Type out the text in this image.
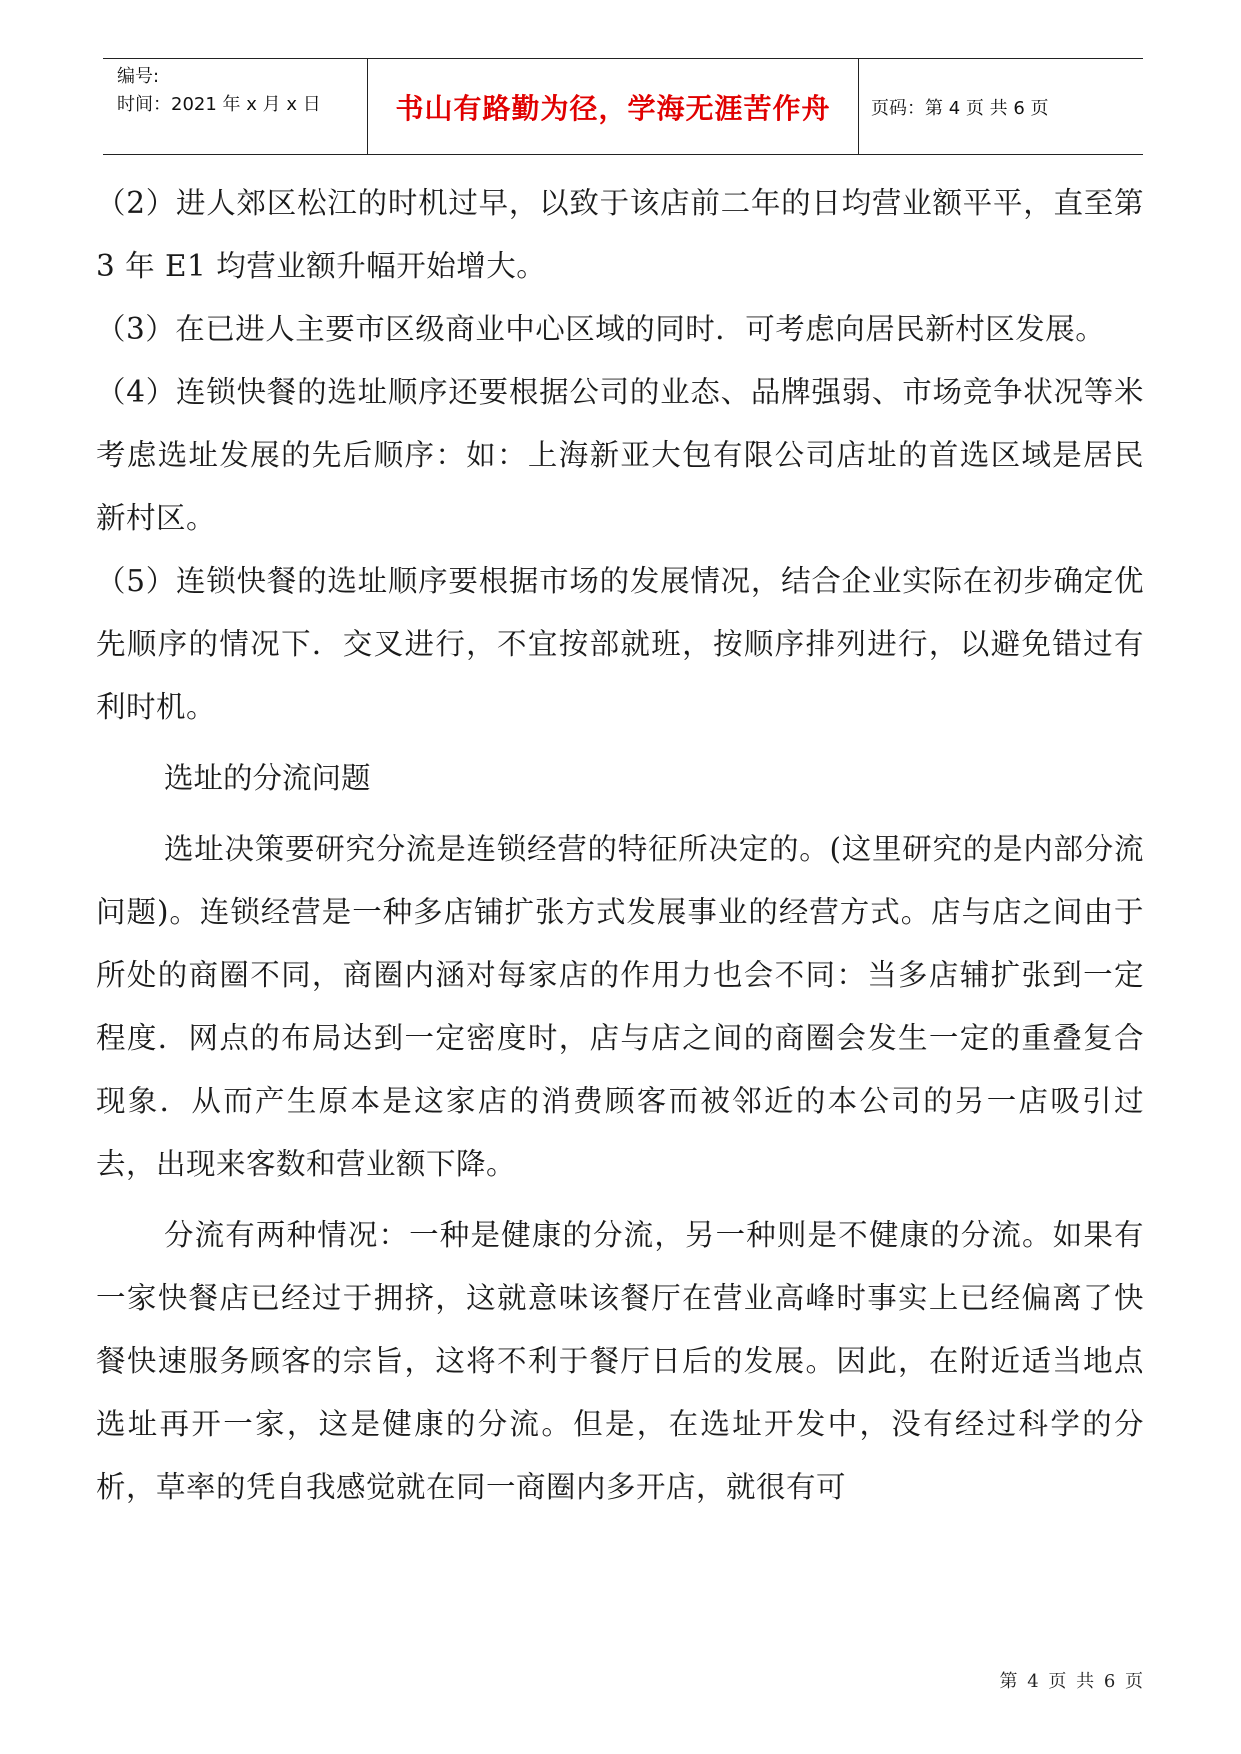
编号:
时间：2021 年 x 月 x 日	书山有路勤为径，学海无涯苦作舟	页码：第 4 页 共 6 页

（2）进人郊区松江的时机过早，以致于该店前二年的日均营业额平平，直至第 3 年 E1 均营业额升幅开始增大。

（3）在已进人主要市区级商业中心区域的同时．可考虑向居民新村区发展。

（4）连锁快餐的选址顺序还要根据公司的业态、品牌强弱、市场竞争状况等米考虑选址发展的先后顺序：如：上海新亚大包有限公司店址的首选区域是居民新村区。

（5）连锁快餐的选址顺序要根据市场的发展情况，结合企业实际在初步确定优先顺序的情况下．交叉进行，不宜按部就班，按顺序排列进行，以避免错过有利时机。

选址的分流问题

选址决策要研究分流是连锁经营的特征所决定的。(这里研究的是内部分流问题)。连锁经营是一种多店铺扩张方式发展事业的经营方式。店与店之间由于所处的商圈不同，商圈内涵对每家店的作用力也会不同：当多店辅扩张到一定程度．网点的布局达到一定密度时，店与店之间的商圈会发生一定的重叠复合现象．从而产生原本是这家店的消费顾客而被邻近的本公司的另一店吸引过去，出现来客数和营业额下降。

分流有两种情况：一种是健康的分流，另一种则是不健康的分流。如果有一家快餐店已经过于拥挤，这就意味该餐厅在营业高峰时事实上已经偏离了快餐快速服务顾客的宗旨，这将不利于餐厅日后的发展。因此，在附近适当地点选址再开一家，这是健康的分流。但是，在选址开发中，没有经过科学的分析，草率的凭自我感觉就在同一商圈内多开店，就很有可

第 4 页 共 6 页
